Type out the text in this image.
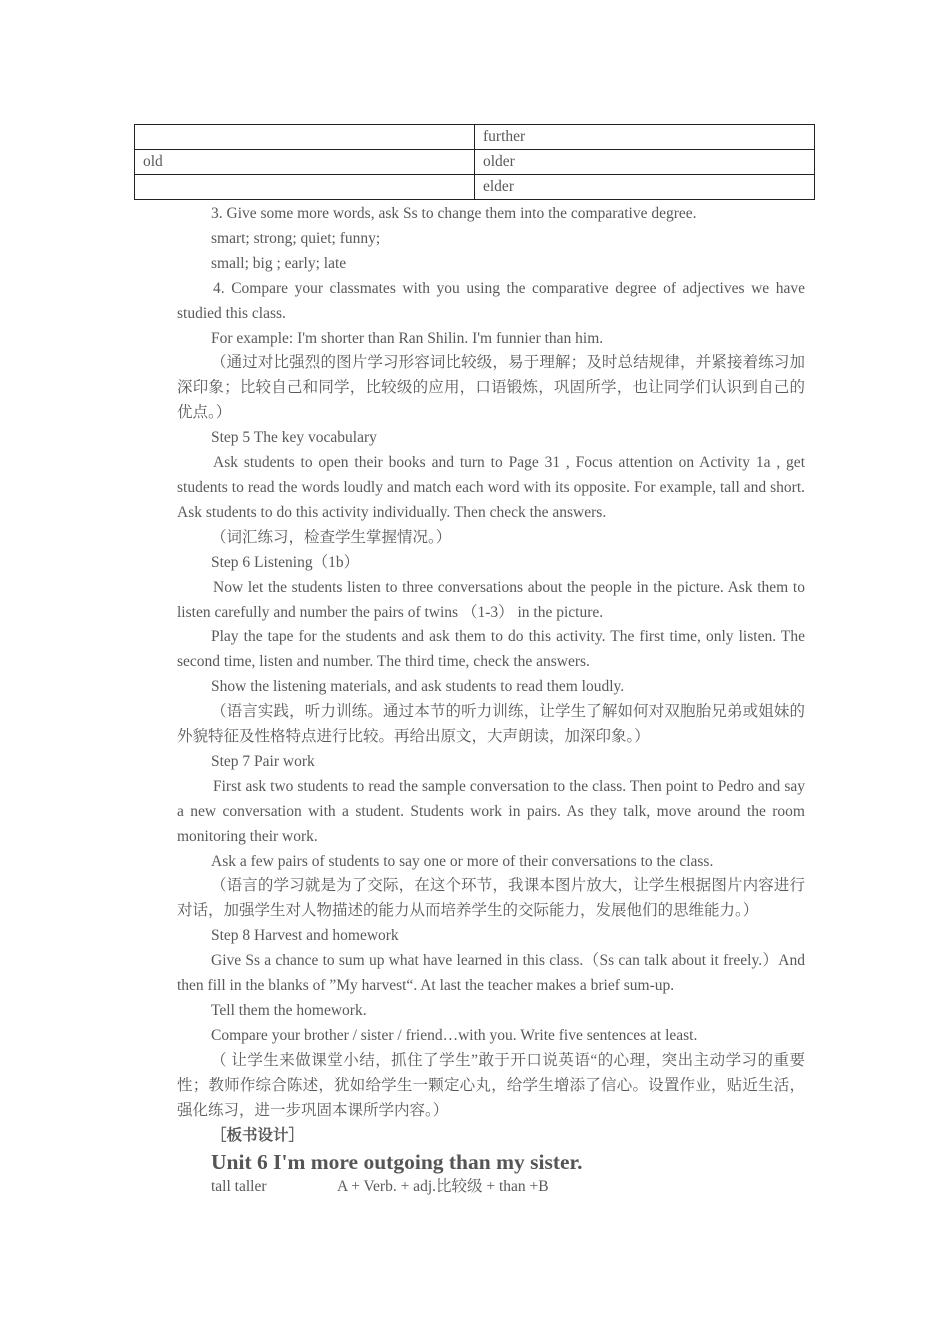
	further
old	older
	elder

3. Give some more words, ask Ss to change them into the comparative degree.

smart; strong; quiet; funny;

small; big ; early; late

4. Compare your classmates with you using the comparative degree of adjectives we have studied this class.

For example: I'm shorter than Ran Shilin. I'm funnier than him.

（通过对比强烈的图片学习形容词比较级，易于理解；及时总结规律，并紧接着练习加深印象；比较自己和同学，比较级的应用，口语锻炼，巩固所学，也让同学们认识到自己的优点。）

Step 5 The key vocabulary

Ask students to open their books and turn to Page 31 , Focus attention on Activity 1a , get students to read the words loudly and match each word with its opposite. For example, tall and short. Ask students to do this activity individually. Then check the answers.

（词汇练习，检查学生掌握情况。）

Step 6 Listening（1b）

Now let the students listen to three conversations about the people in the picture. Ask them to listen carefully and number the pairs of twins （1-3） in the picture.

Play the tape for the students and ask them to do this activity. The first time, only listen. The second time, listen and number. The third time, check the answers.

Show the listening materials, and ask students to read them loudly.

（语言实践，听力训练。通过本节的听力训练，让学生了解如何对双胞胎兄弟或姐妹的外貌特征及性格特点进行比较。再给出原文，大声朗读，加深印象。）

Step 7 Pair work

First ask two students to read the sample conversation to the class. Then point to Pedro and say a new conversation with a student. Students work in pairs. As they talk, move around the room monitoring their work.

Ask a few pairs of students to say one or more of their conversations to the class.

（语言的学习就是为了交际，在这个环节，我课本图片放大，让学生根据图片内容进行对话，加强学生对人物描述的能力从而培养学生的交际能力，发展他们的思维能力。）

Step 8 Harvest and homework

Give Ss a chance to sum up what have learned in this class.（Ss can talk about it freely.）And then fill in the blanks of ”My harvest“. At last the teacher makes a brief sum-up.

Tell them the homework.

Compare your brother / sister / friend…with you. Write five sentences at least.

（ 让学生来做课堂小结，抓住了学生”敢于开口说英语“的心理，突出主动学习的重要性；教师作综合陈述，犹如给学生一颗定心丸，给学生增添了信心。设置作业，贴近生活，强化练习，进一步巩固本课所学内容。）

［板书设计］

Unit 6 I'm more outgoing than my sister.

tall taller	A + Verb. + adj.比较级 + than +B
